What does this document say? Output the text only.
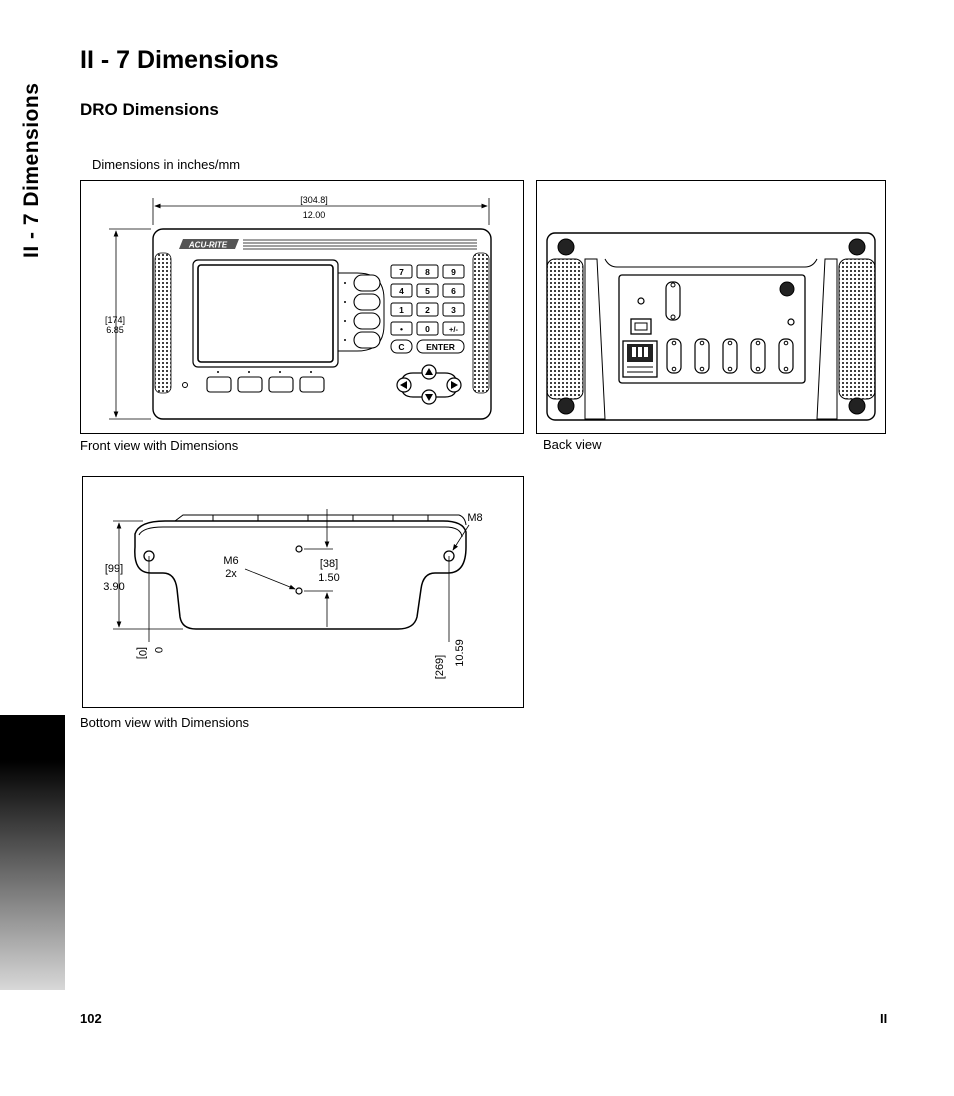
II - 7 Dimensions
II - 7 Dimensions
DRO Dimensions
Dimensions in inches/mm
[304.8]
12.00
[174]
6.85
ACU-RITE
7	8	9
4	5	6
1	2	3
•	0	+/-
C	ENTER
Front view with Dimensions	Back view
[99]
3.90
[38]
1.50
M6
2x
M8
[0] 0
[269]
10.59
Bottom view with Dimensions
102	II
